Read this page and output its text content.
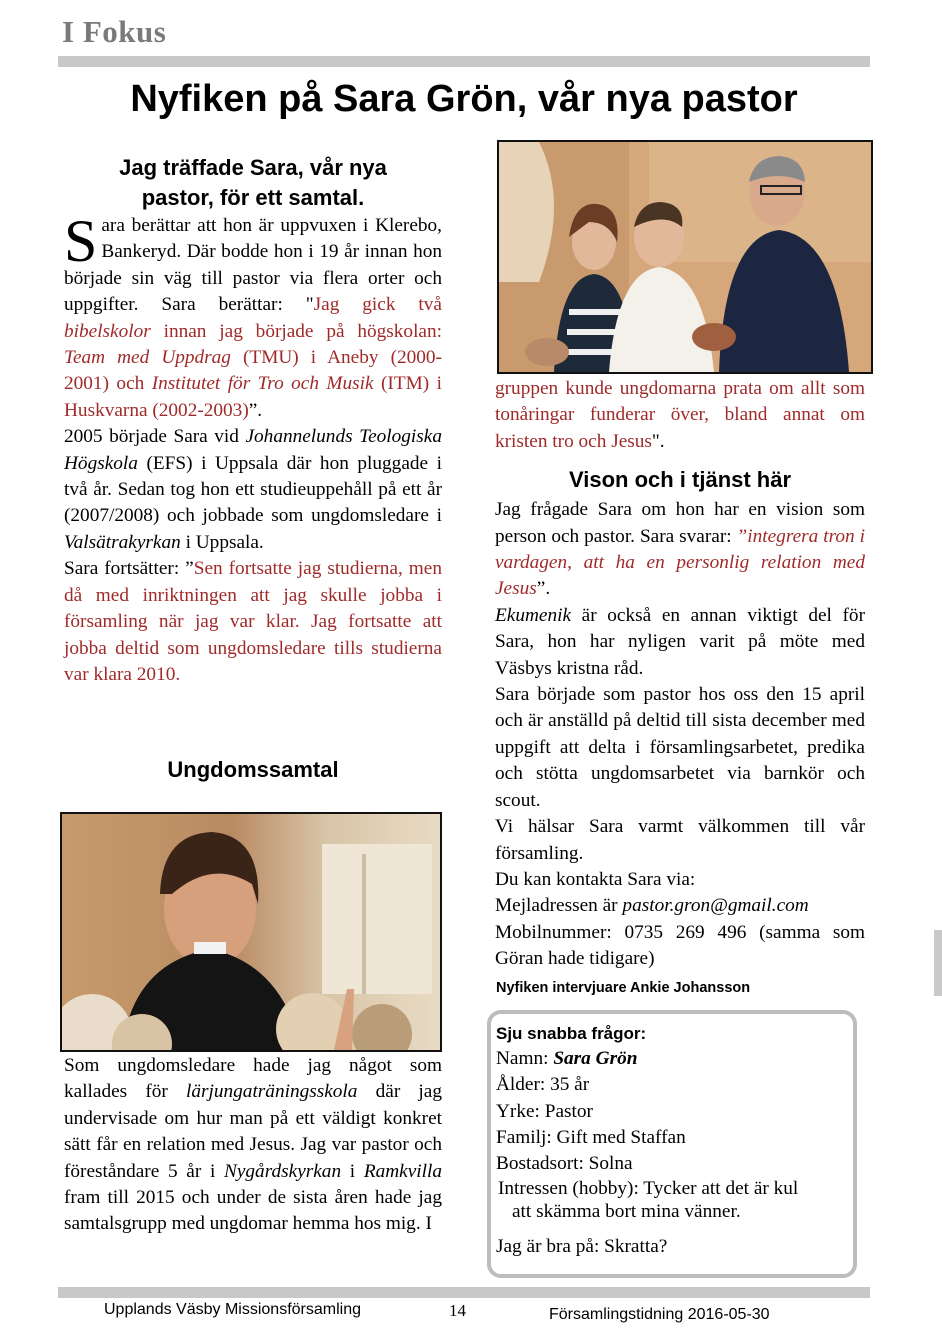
I Fokus
Nyfiken på Sara Grön, vår nya pastor
Jag träffade Sara, vår nya
pastor, för ett samtal.

Sara berättar att hon är uppvuxen i Klerebo, Bankeryd. Där bodde hon i 19 år innan hon började sin väg till pastor via flera orter och uppgifter. Sara berättar: "Jag gick två bibelskolor innan jag började på högskolan: Team med Uppdrag (TMU) i Aneby (2000-2001) och Institutet för Tro och Musik (ITM) i Huskvarna (2002-2003)”.

2005 började Sara vid Johannelunds Teologiska Högskola (EFS) i Uppsala där hon pluggade i två år. Sedan tog hon ett studieuppehåll på ett år (2007/2008) och jobbade som ungdomsledare i Valsätrakyrkan i Uppsala.

Sara fortsätter: ”Sen fortsatte jag studierna, men då med inriktningen att jag skulle jobba i församling när jag var klar. Jag fortsatte att jobba deltid som ungdomsledare tills studierna var klara 2010.

Ungdomssamtal

Som ungdomsledare hade jag något som kallades för lärjungaträningsskola där jag undervisade om hur man på ett väldigt konkret sätt får en relation med Jesus. Jag var pastor och föreståndare 5 år i Nygårdskyrkan i Ramkvilla fram till 2015 och under de sista åren hade jag samtalsgrupp med ungdomar hemma hos mig. I

gruppen kunde ungdomarna prata om allt som tonåringar funderar över, bland annat om kristen tro och Jesus".

Vison och i tjänst här

Jag frågade Sara om hon har en vision som person och pastor. Sara svarar: ”integrera tron i vardagen, att ha en personlig relation med Jesus”.

Ekumenik är också en annan viktigt del för Sara, hon har nyligen varit på möte med Väsbys kristna råd.

Sara började som pastor hos oss den 15 april och är anställd på deltid till sista december med uppgift att delta i församlingsarbetet, predika och stötta ungdomsarbetet via barnkör och scout.

Vi hälsar Sara varmt välkommen till vår församling.

Du kan kontakta Sara via:

Mejladressen är pastor.gron@gmail.com

Mobilnummer: 0735 269 496 (samma som Göran hade tidigare)

Nyfiken intervjuare Ankie Johansson
Sju snabba frågor:
Namn: Sara Grön
Ålder: 35 år
Yrke: Pastor
Familj: Gift med Staffan
Bostadsort: Solna
Intressen (hobby): Tycker att det är kul
att skämma bort mina vänner.
Jag är bra på: Skratta?
Upplands Väsby Missionsförsamling	14	Församlingstidning 2016-05-30
